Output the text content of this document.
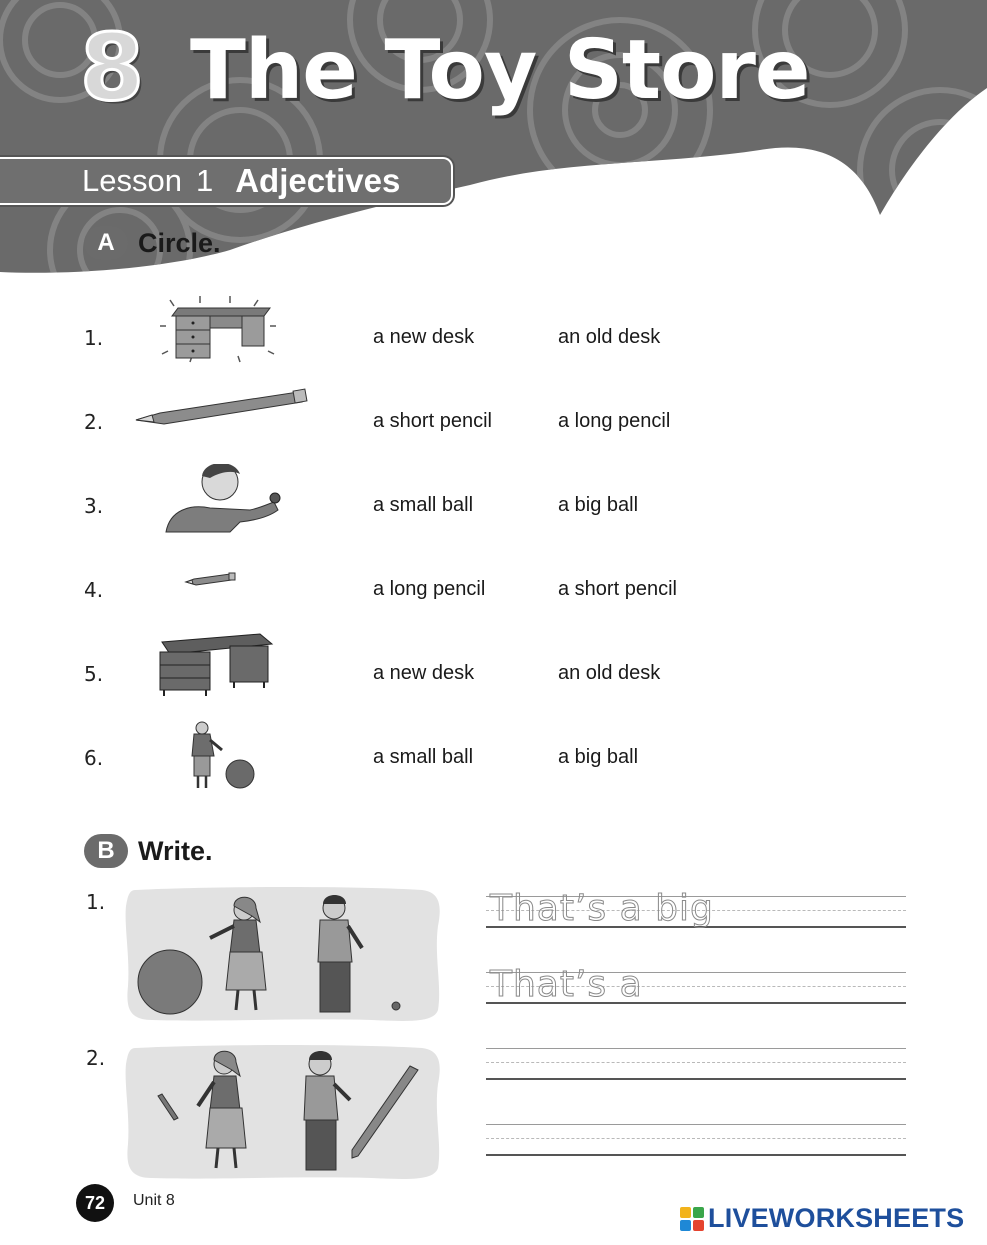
8 The Toy Store
Lesson 1 Adjectives
A Circle.
1.	a new desk	an old desk
2.	a short pencil	a long pencil
3.	a small ball	a big ball
4.	a long pencil	a short pencil
5.	a new desk	an old desk
6.	a small ball	a big ball
B Write.
1.	That’s a big
That’s a
2.
72	Unit 8
LIVEWORKSHEETS
